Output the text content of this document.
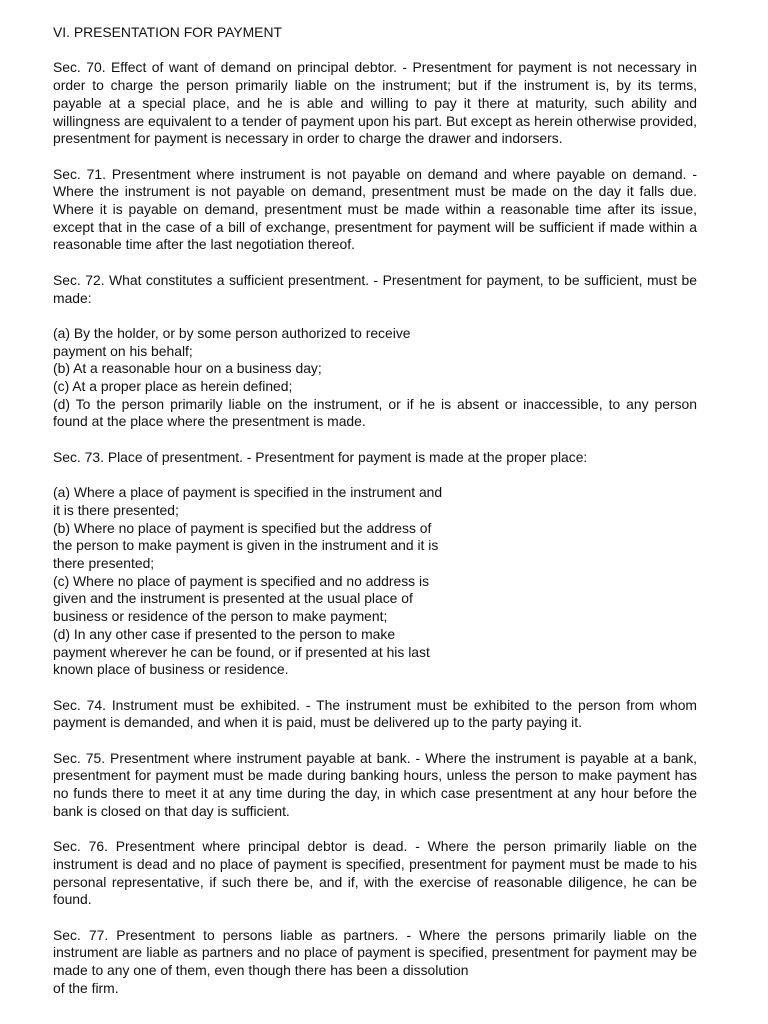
VI. PRESENTATION FOR PAYMENT
Sec. 70. Effect of want of demand on principal debtor. - Presentment for payment is not necessary in order to charge the person primarily liable on the instrument; but if the instrument is, by its terms, payable at a special place, and he is able and willing to pay it there at maturity, such ability and willingness are equivalent to a tender of payment upon his part. But except as herein otherwise provided, presentment for payment is necessary in order to charge the drawer and indorsers.
Sec. 71. Presentment where instrument is not payable on demand and where payable on demand. - Where the instrument is not payable on demand, presentment must be made on the day it falls due. Where it is payable on demand, presentment must be made within a reasonable time after its issue, except that in the case of a bill of exchange, presentment for payment will be sufficient if made within a reasonable time after the last negotiation thereof.
Sec. 72. What constitutes a sufficient presentment. - Presentment for payment, to be sufficient, must be made:
(a) By the holder, or by some person authorized to receive
payment on his behalf;
(b) At a reasonable hour on a business day;
(c) At a proper place as herein defined;
(d) To the person primarily liable on the instrument, or if he is absent or inaccessible, to any person found at the place where the presentment is made.
Sec. 73. Place of presentment. - Presentment for payment is made at the proper place:
(a) Where a place of payment is specified in the instrument and
it is there presented;
(b) Where no place of payment is specified but the address of
the person to make payment is given in the instrument and it is
there presented;
(c) Where no place of payment is specified and no address is
given and the instrument is presented at the usual place of
business or residence of the person to make payment;
(d) In any other case if presented to the person to make
payment wherever he can be found, or if presented at his last
known place of business or residence.
Sec. 74. Instrument must be exhibited. - The instrument must be exhibited to the person from whom payment is demanded, and when it is paid, must be delivered up to the party paying it.
Sec. 75. Presentment where instrument payable at bank. - Where the instrument is payable at a bank, presentment for payment must be made during banking hours, unless the person to make payment has no funds there to meet it at any time during the day, in which case presentment at any hour before the bank is closed on that day is sufficient.
Sec. 76. Presentment where principal debtor is dead. - Where the person primarily liable on the instrument is dead and no place of payment is specified, presentment for payment must be made to his personal representative, if such there be, and if, with the exercise of reasonable diligence, he can be found.
Sec. 77. Presentment to persons liable as partners. - Where the persons primarily liable on the instrument are liable as partners and no place of payment is specified, presentment for payment may be made to any one of them, even though there has been a dissolution
of the firm.
